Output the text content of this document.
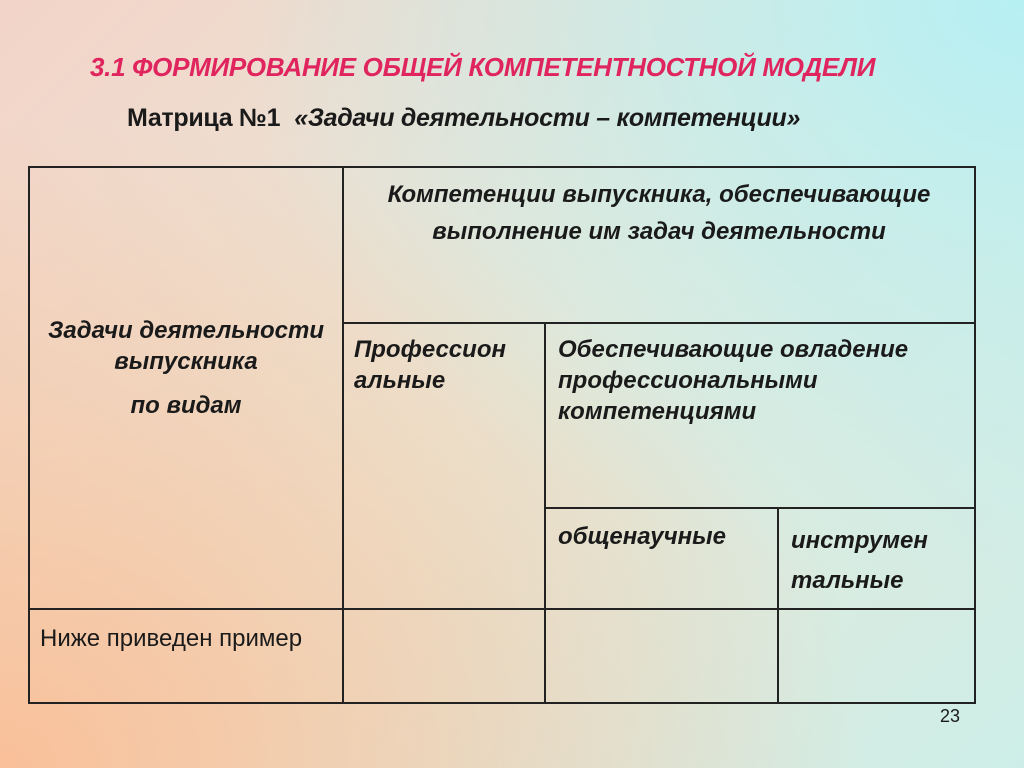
3.1 ФОРМИРОВАНИЕ ОБЩЕЙ КОМПЕТЕНТНОСТНОЙ МОДЕЛИ
Матрица №1 «Задачи деятельности – компетенции»
Задачи деятельности выпускника
по видам	Компетенции выпускника, обеспечивающие выполнение им задач деятельности		
	Профессион альные	Обеспечивающие овладение профессиональными компетенциями	
		общенаучные	инструмен тальные
Ниже приведен пример			
23
